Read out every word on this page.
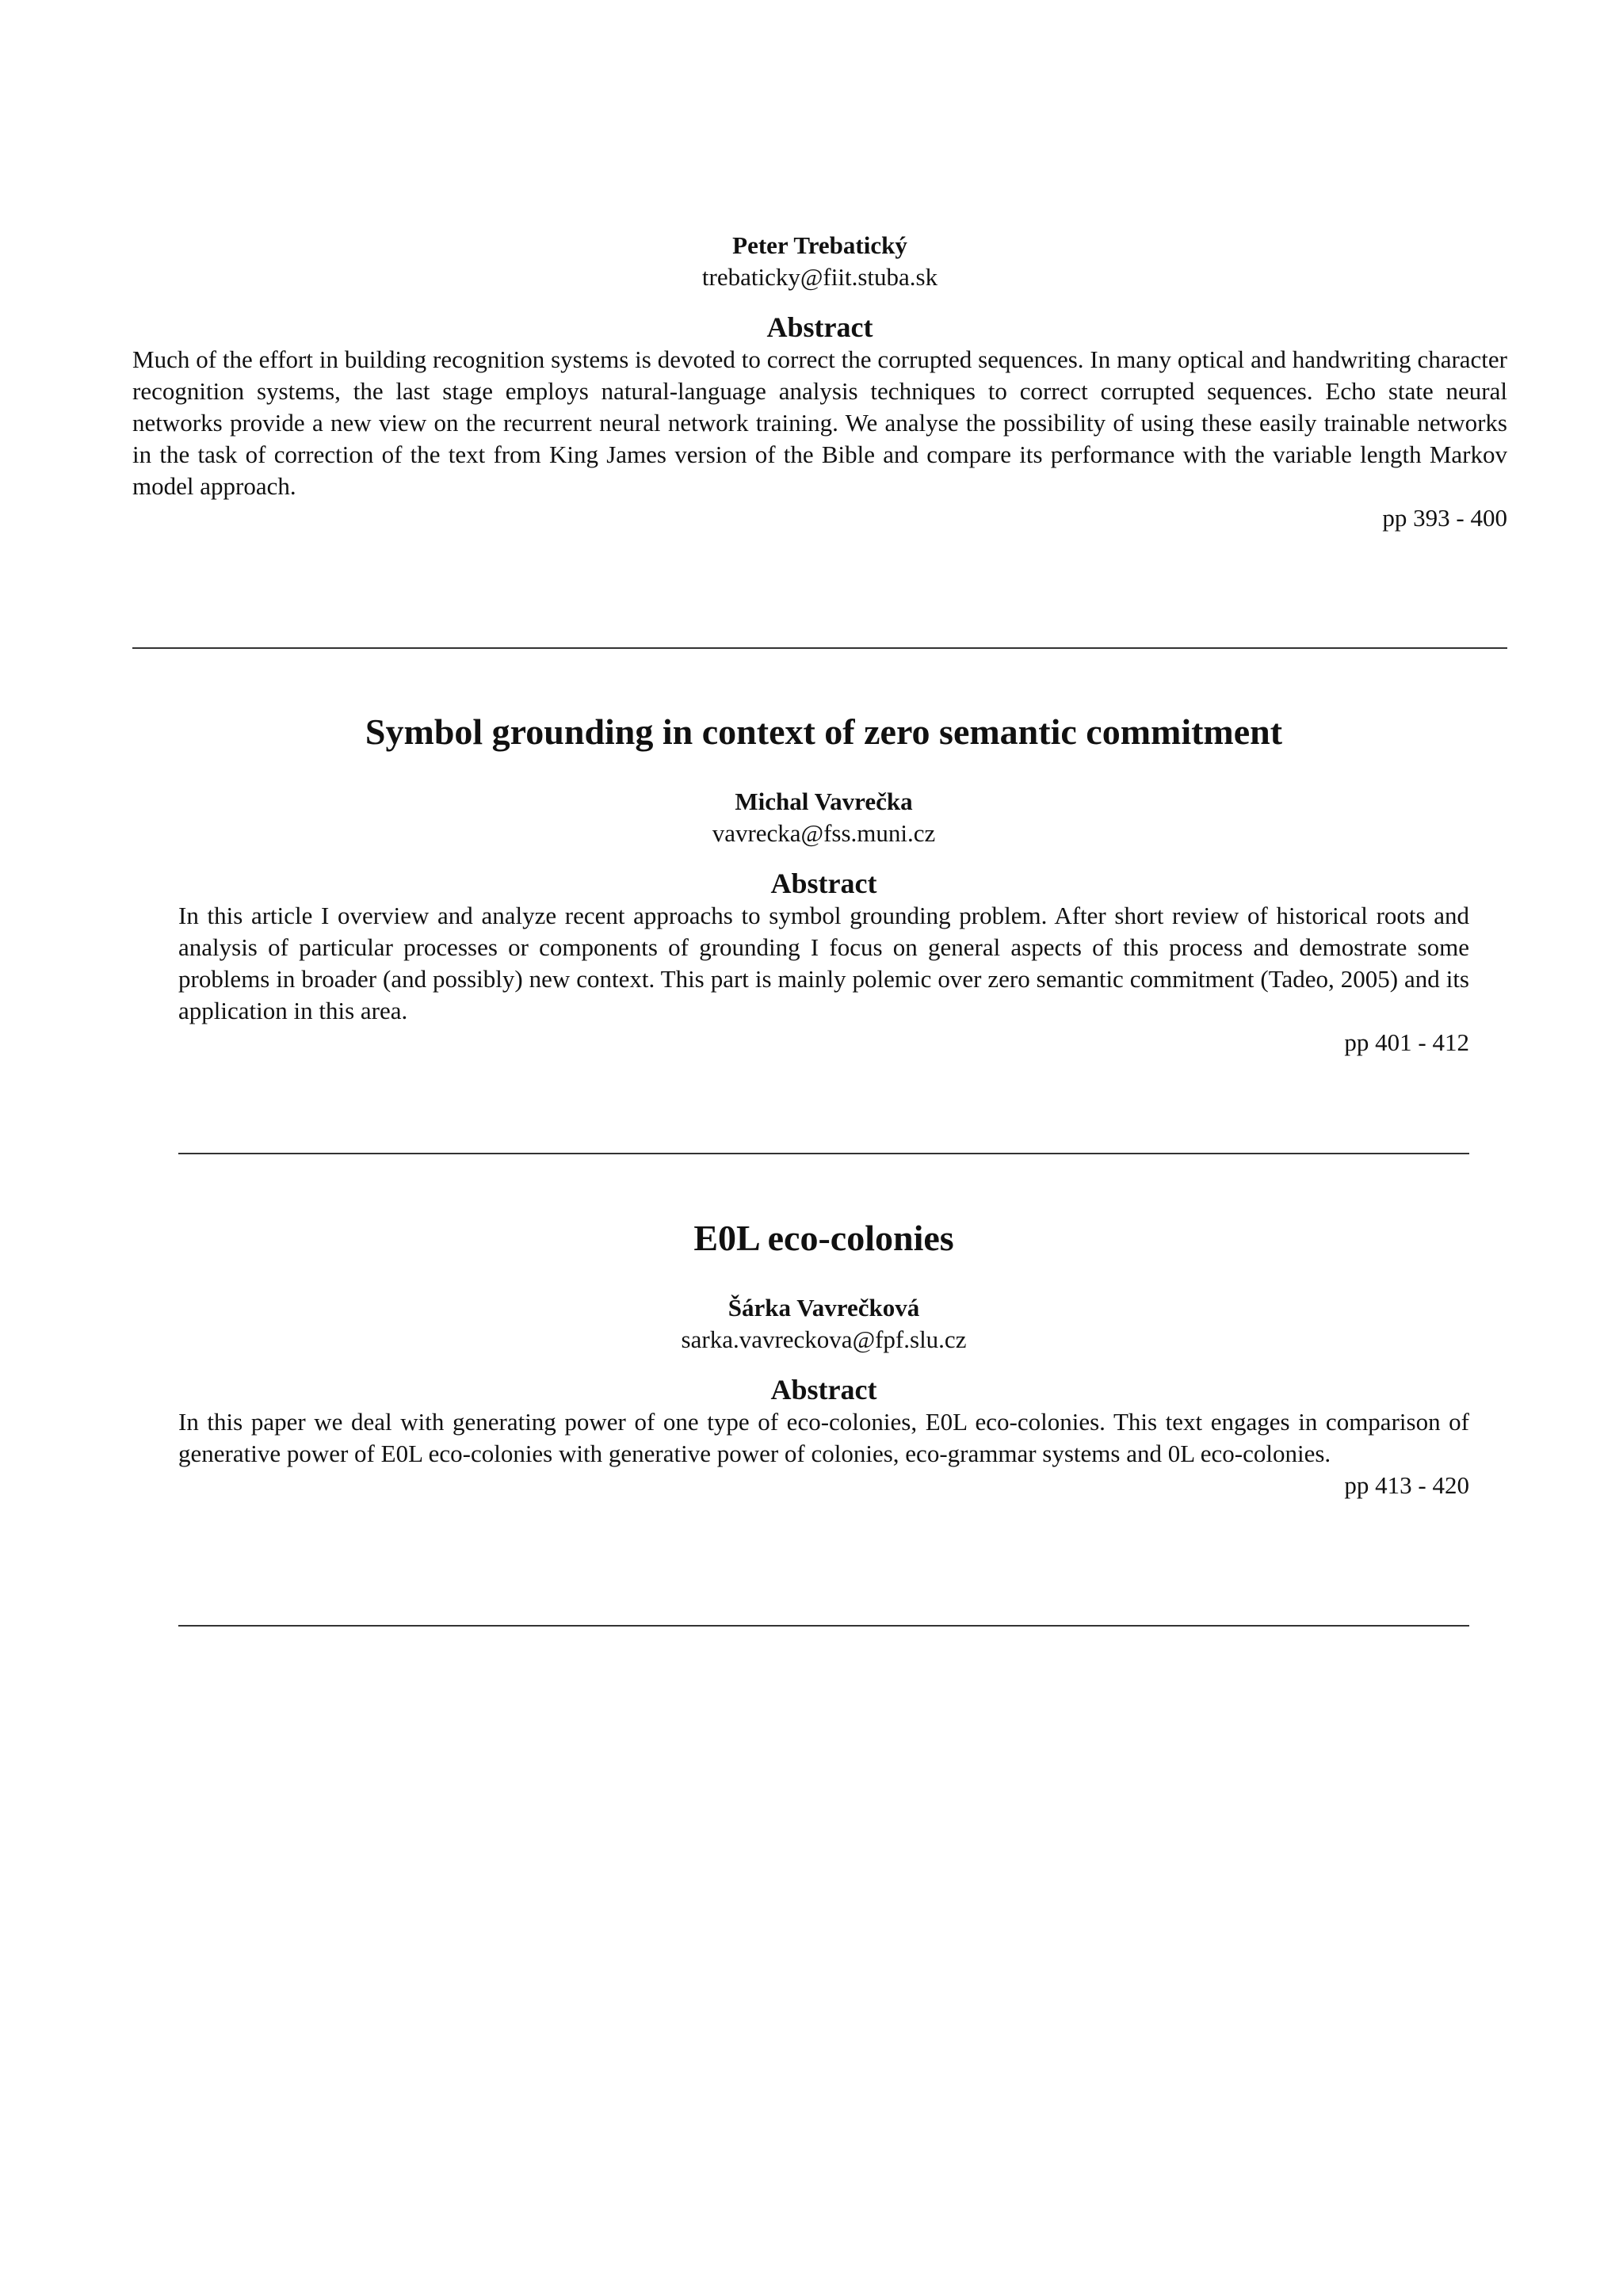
Peter Trebatický
trebaticky@fiit.stuba.sk
Abstract

Much of the effort in building recognition systems is devoted to correct the corrupted sequences. In many optical and handwriting character recognition systems, the last stage employs natural-language analysis techniques to correct corrupted sequences. Echo state neural networks provide a new view on the recurrent neural network training. We analyse the possibility of using these easily trainable networks in the task of correction of the text from King James version of the Bible and compare its performance with the variable length Markov model approach.

pp 393 - 400
Symbol grounding in context of zero semantic commitment
Michal Vavrečka
vavrecka@fss.muni.cz
Abstract

In this article I overview and analyze recent approachs to symbol grounding problem. After short review of historical roots and analysis of particular processes or components of grounding I focus on general aspects of this process and demostrate some problems in broader (and possibly) new context. This part is mainly polemic over zero semantic commitment (Tadeo, 2005) and its application in this area.

pp 401 - 412
E0L eco-colonies
Šárka Vavrečková
sarka.vavreckova@fpf.slu.cz
Abstract

In this paper we deal with generating power of one type of eco-colonies, E0L eco-colonies. This text engages in comparison of generative power of E0L eco-colonies with generative power of colonies, eco-grammar systems and 0L eco-colonies.

pp 413 - 420
